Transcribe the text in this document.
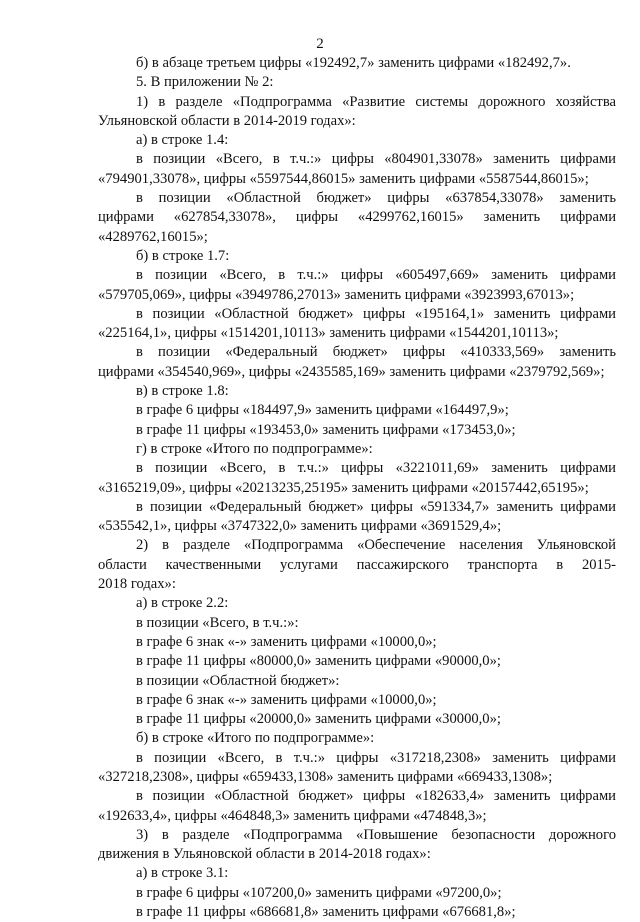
2
б) в абзаце третьем цифры «192492,7» заменить цифрами «182492,7».
5. В приложении № 2:
1) в разделе «Подпрограмма «Развитие системы дорожного хозяйства
Ульяновской области в 2014-2019 годах»:
а) в строке 1.4:
в позиции «Всего, в т.ч.:» цифры «804901,33078» заменить цифрами
«794901,33078», цифры «5597544,86015» заменить цифрами «5587544,86015»;
в позиции «Областной бюджет» цифры «637854,33078» заменить
цифрами «627854,33078», цифры «4299762,16015» заменить цифрами
«4289762,16015»;
б) в строке 1.7:
в позиции «Всего, в т.ч.:» цифры «605497,669» заменить цифрами
«579705,069», цифры «3949786,27013» заменить цифрами «3923993,67013»;
в позиции «Областной бюджет» цифры «195164,1» заменить цифрами
«225164,1», цифры «1514201,10113» заменить цифрами «1544201,10113»;
в позиции «Федеральный бюджет» цифры «410333,569» заменить
цифрами «354540,969», цифры «2435585,169» заменить цифрами «2379792,569»;
в) в строке 1.8:
в графе 6 цифры «184497,9» заменить цифрами «164497,9»;
в графе 11 цифры «193453,0» заменить цифрами «173453,0»;
г) в строке «Итого по подпрограмме»:
в позиции «Всего, в т.ч.:» цифры «3221011,69» заменить цифрами
«3165219,09», цифры «20213235,25195» заменить цифрами «20157442,65195»;
в позиции «Федеральный бюджет» цифры «591334,7» заменить цифрами
«535542,1», цифры «3747322,0» заменить цифрами «3691529,4»;
2) в разделе «Подпрограмма «Обеспечение населения Ульяновской
области качественными услугами пассажирского транспорта в 2015-
2018 годах»:
а) в строке 2.2:
в позиции «Всего, в т.ч.:»:
в графе 6 знак «-» заменить цифрами «10000,0»;
в графе 11 цифры «80000,0» заменить цифрами «90000,0»;
в позиции «Областной бюджет»:
в графе 6 знак «-» заменить цифрами «10000,0»;
в графе 11 цифры «20000,0» заменить цифрами «30000,0»;
б) в строке «Итого по подпрограмме»:
в позиции «Всего, в т.ч.:» цифры «317218,2308» заменить цифрами
«327218,2308», цифры «659433,1308» заменить цифрами «669433,1308»;
в позиции «Областной бюджет» цифры «182633,4» заменить цифрами
«192633,4», цифры «464848,3» заменить цифрами «474848,3»;
3) в разделе «Подпрограмма «Повышение безопасности дорожного
движения в Ульяновской области в 2014-2018 годах»:
а) в строке 3.1:
в графе 6 цифры «107200,0» заменить цифрами «97200,0»;
в графе 11 цифры «686681,8» заменить цифрами «676681,8»;
